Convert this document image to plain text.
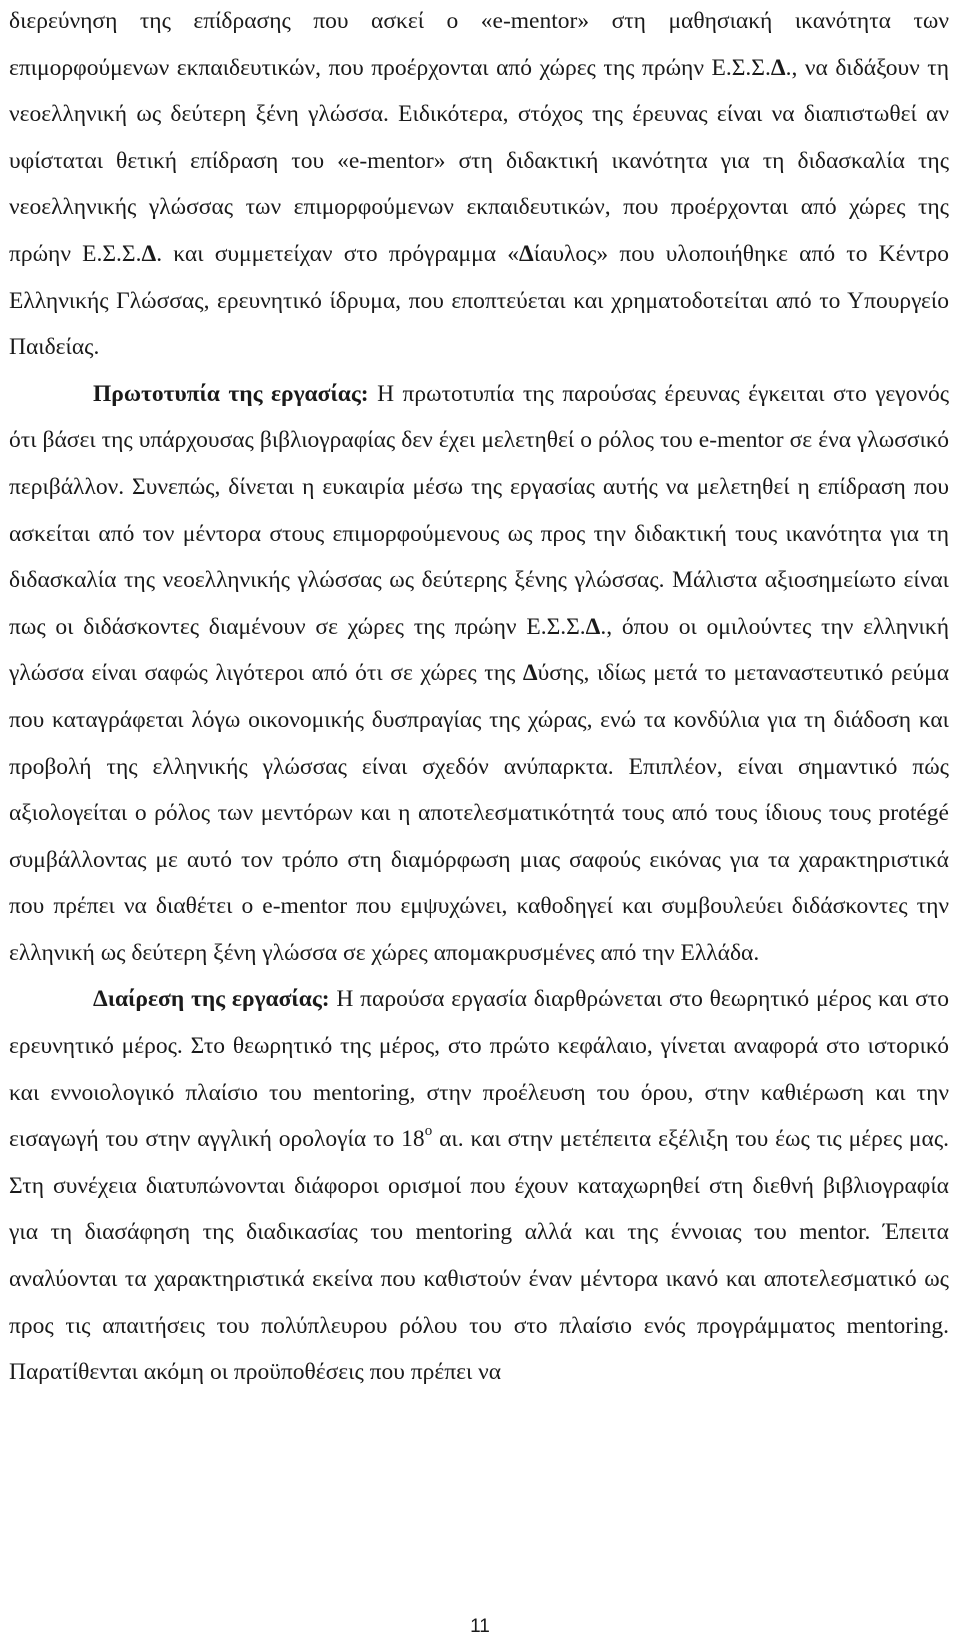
διερεύνηση της επίδρασης που ασκεί ο «e-mentor» στη μαθησιακή ικανότητα των επιμορφούμενων εκπαιδευτικών, που προέρχονται από χώρες της πρώην Ε.Σ.Σ.Δ., να διδάξουν τη νεοελληνική ως δεύτερη ξένη γλώσσα. Ειδικότερα, στόχος της έρευνας είναι να διαπιστωθεί αν υφίσταται θετική επίδραση του «e-mentor» στη διδακτική ικανότητα για τη διδασκαλία της νεοελληνικής γλώσσας των επιμορφούμενων εκπαιδευτικών, που προέρχονται από χώρες της πρώην Ε.Σ.Σ.Δ. και συμμετείχαν στο πρόγραμμα «Δίαυλος» που υλοποιήθηκε από το Κέντρο Ελληνικής Γλώσσας, ερευνητικό ίδρυμα, που εποπτεύεται και χρηματοδοτείται από το Υπουργείο Παιδείας.

Πρωτοτυπία της εργασίας: Η πρωτοτυπία της παρούσας έρευνας έγκειται στο γεγονός ότι βάσει της υπάρχουσας βιβλιογραφίας δεν έχει μελετηθεί ο ρόλος του e-mentor σε ένα γλωσσικό περιβάλλον. Συνεπώς, δίνεται η ευκαιρία μέσω της εργασίας αυτής να μελετηθεί η επίδραση που ασκείται από τον μέντορα στους επιμορφούμενους ως προς την διδακτική τους ικανότητα για τη διδασκαλία της νεοελληνικής γλώσσας ως δεύτερης ξένης γλώσσας. Μάλιστα αξιοσημείωτο είναι πως οι διδάσκοντες διαμένουν σε χώρες της πρώην Ε.Σ.Σ.Δ., όπου οι ομιλούντες την ελληνική γλώσσα είναι σαφώς λιγότεροι από ότι σε χώρες της Δύσης, ιδίως μετά το μεταναστευτικό ρεύμα που καταγράφεται λόγω οικονομικής δυσπραγίας της χώρας, ενώ τα κονδύλια για τη διάδοση και προβολή της ελληνικής γλώσσας είναι σχεδόν ανύπαρκτα. Επιπλέον, είναι σημαντικό πώς αξιολογείται ο ρόλος των μεντόρων και η αποτελεσματικότητά τους από τους ίδιους τους protégé συμβάλλοντας με αυτό τον τρόπο στη διαμόρφωση μιας σαφούς εικόνας για τα χαρακτηριστικά που πρέπει να διαθέτει ο e-mentor που εμψυχώνει, καθοδηγεί και συμβουλεύει διδάσκοντες την ελληνική ως δεύτερη ξένη γλώσσα σε χώρες απομακρυσμένες από την Ελλάδα.

Διαίρεση της εργασίας: Η παρούσα εργασία διαρθρώνεται στο θεωρητικό μέρος και στο ερευνητικό μέρος. Στο θεωρητικό της μέρος, στο πρώτο κεφάλαιο, γίνεται αναφορά στο ιστορικό και εννοιολογικό πλαίσιο του mentoring, στην προέλευση του όρου, στην καθιέρωση και την εισαγωγή του στην αγγλική ορολογία το $18^o$ αι. και στην μετέπειτα εξέλιξη του έως τις μέρες μας. Στη συνέχεια διατυπώνονται διάφοροι ορισμοί που έχουν καταχωρηθεί στη διεθνή βιβλιογραφία για τη διασάφηση της διαδικασίας του mentoring αλλά και της έννοιας του mentor. Έπειτα αναλύονται τα χαρακτηριστικά εκείνα που καθιστούν έναν μέντορα ικανό και αποτελεσματικό ως προς τις απαιτήσεις του πολύπλευρου ρόλου του στο πλαίσιο ενός προγράμματος mentoring. Παρατίθενται ακόμη οι προϋποθέσεις που πρέπει να

11
